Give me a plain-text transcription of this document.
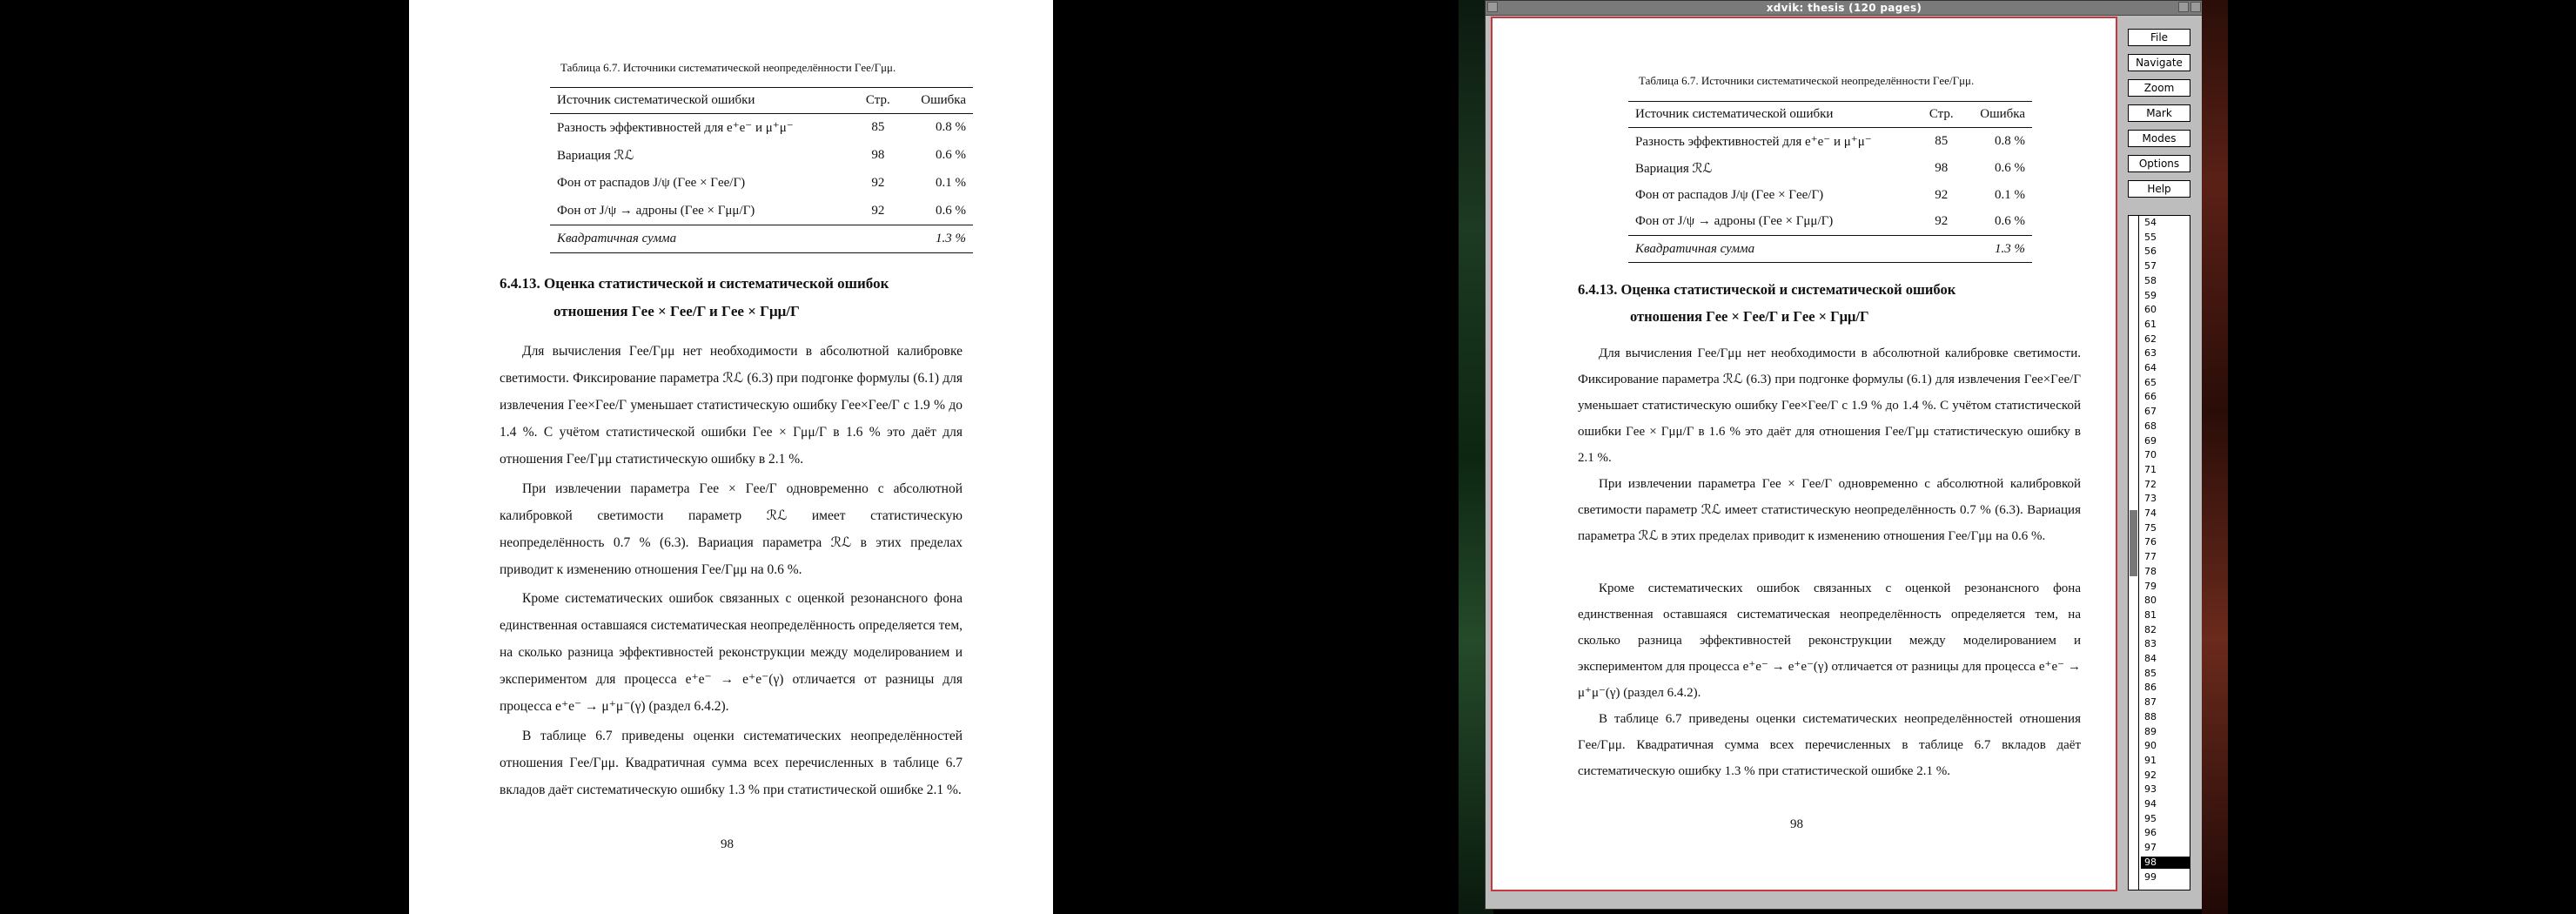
Таблица 6.7. Источники систематической неопределённости Γee/Γμμ.
Источник систематической ошибки	Стр.	Ошибка
Разность эффективностей для e⁺e⁻ и μ⁺μ⁻	85	0.8 %
Вариация ℛℒ	98	0.6 %
Фон от распадов J/ψ (Γee × Γee/Γ)	92	0.1 %
Фон от J/ψ → адроны (Γee × Γμμ/Γ)	92	0.6 %
Квадратичная сумма		1.3 %
6.4.13. Оценка статистической и систематической ошибок
отношения Γee × Γee/Γ и Γee × Γμμ/Γ

Для вычисления Γee/Γμμ нет необходимости в абсолютной калибровке светимости. Фиксирование параметра ℛℒ (6.3) при подгонке формулы (6.1) для извлечения Γee×Γee/Γ уменьшает статистическую ошибку Γee×Γee/Γ с 1.9 % до 1.4 %. С учётом статистической ошибки Γee × Γμμ/Γ в 1.6 % это даёт для отношения Γee/Γμμ статистическую ошибку в 2.1 %.

При извлечении параметра Γee × Γee/Γ одновременно с абсолютной калибровкой светимости параметр ℛℒ имеет статистическую неопределённость 0.7 % (6.3). Вариация параметра ℛℒ в этих пределах приводит к изменению отношения Γee/Γμμ на 0.6 %.

Кроме систематических ошибок связанных с оценкой резонансного фона единственная оставшаяся систематическая неопределённость определяется тем, на сколько разница эффективностей реконструкции между моделированием и экспериментом для процесса e⁺e⁻ → e⁺e⁻(γ) отличается от разницы для процесса e⁺e⁻ → μ⁺μ⁻(γ) (раздел 6.4.2).

В таблице 6.7 приведены оценки систематических неопределённостей отношения Γee/Γμμ. Квадратичная сумма всех перечисленных в таблице 6.7 вкладов даёт систематическую ошибку 1.3 % при статистической ошибке 2.1 %.

98
xdvik: thesis (120 pages)
Таблица 6.7. Источники систематической неопределённости Γee/Γμμ.
Источник систематической ошибки	Стр.	Ошибка
Разность эффективностей для e⁺e⁻ и μ⁺μ⁻	85	0.8 %
Вариация ℛℒ	98	0.6 %
Фон от распадов J/ψ (Γee × Γee/Γ)	92	0.1 %
Фон от J/ψ → адроны (Γee × Γμμ/Γ)	92	0.6 %
Квадратичная сумма		1.3 %
6.4.13. Оценка статистической и систематической ошибок
отношения Γee × Γee/Γ и Γee × Γμμ/Γ

Для вычисления Γee/Γμμ нет необходимости в абсолютной калибровке светимости. Фиксирование параметра ℛℒ (6.3) при подгонке формулы (6.1) для извлечения Γee×Γee/Γ уменьшает статистическую ошибку Γee×Γee/Γ с 1.9 % до 1.4 %. С учётом статистической ошибки Γee × Γμμ/Γ в 1.6 % это даёт для отношения Γee/Γμμ статистическую ошибку в 2.1 %.

При извлечении параметра Γee × Γee/Γ одновременно с абсолютной калибровкой светимости параметр ℛℒ имеет статистическую неопределённость 0.7 % (6.3). Вариация параметра ℛℒ в этих пределах приводит к изменению отношения Γee/Γμμ на 0.6 %.

Кроме систематических ошибок связанных с оценкой резонансного фона единственная оставшаяся систематическая неопределённость определяется тем, на сколько разница эффективностей реконструкции между моделированием и экспериментом для процесса e⁺e⁻ → e⁺e⁻(γ) отличается от разницы для процесса e⁺e⁻ → μ⁺μ⁻(γ) (раздел 6.4.2).

В таблице 6.7 приведены оценки систематических неопределённостей отношения Γee/Γμμ. Квадратичная сумма всех перечисленных в таблице 6.7 вкладов даёт систематическую ошибку 1.3 % при статистической ошибке 2.1 %.

98
File
Navigate
Zoom
Mark
Modes
Options
Help
54
55
56
57
58
59
60
61
62
63
64
65
66
67
68
69
70
71
72
73
74
75
76
77
78
79
80
81
82
83
84
85
86
87
88
89
90
91
92
93
94
95
96
97
98
99
